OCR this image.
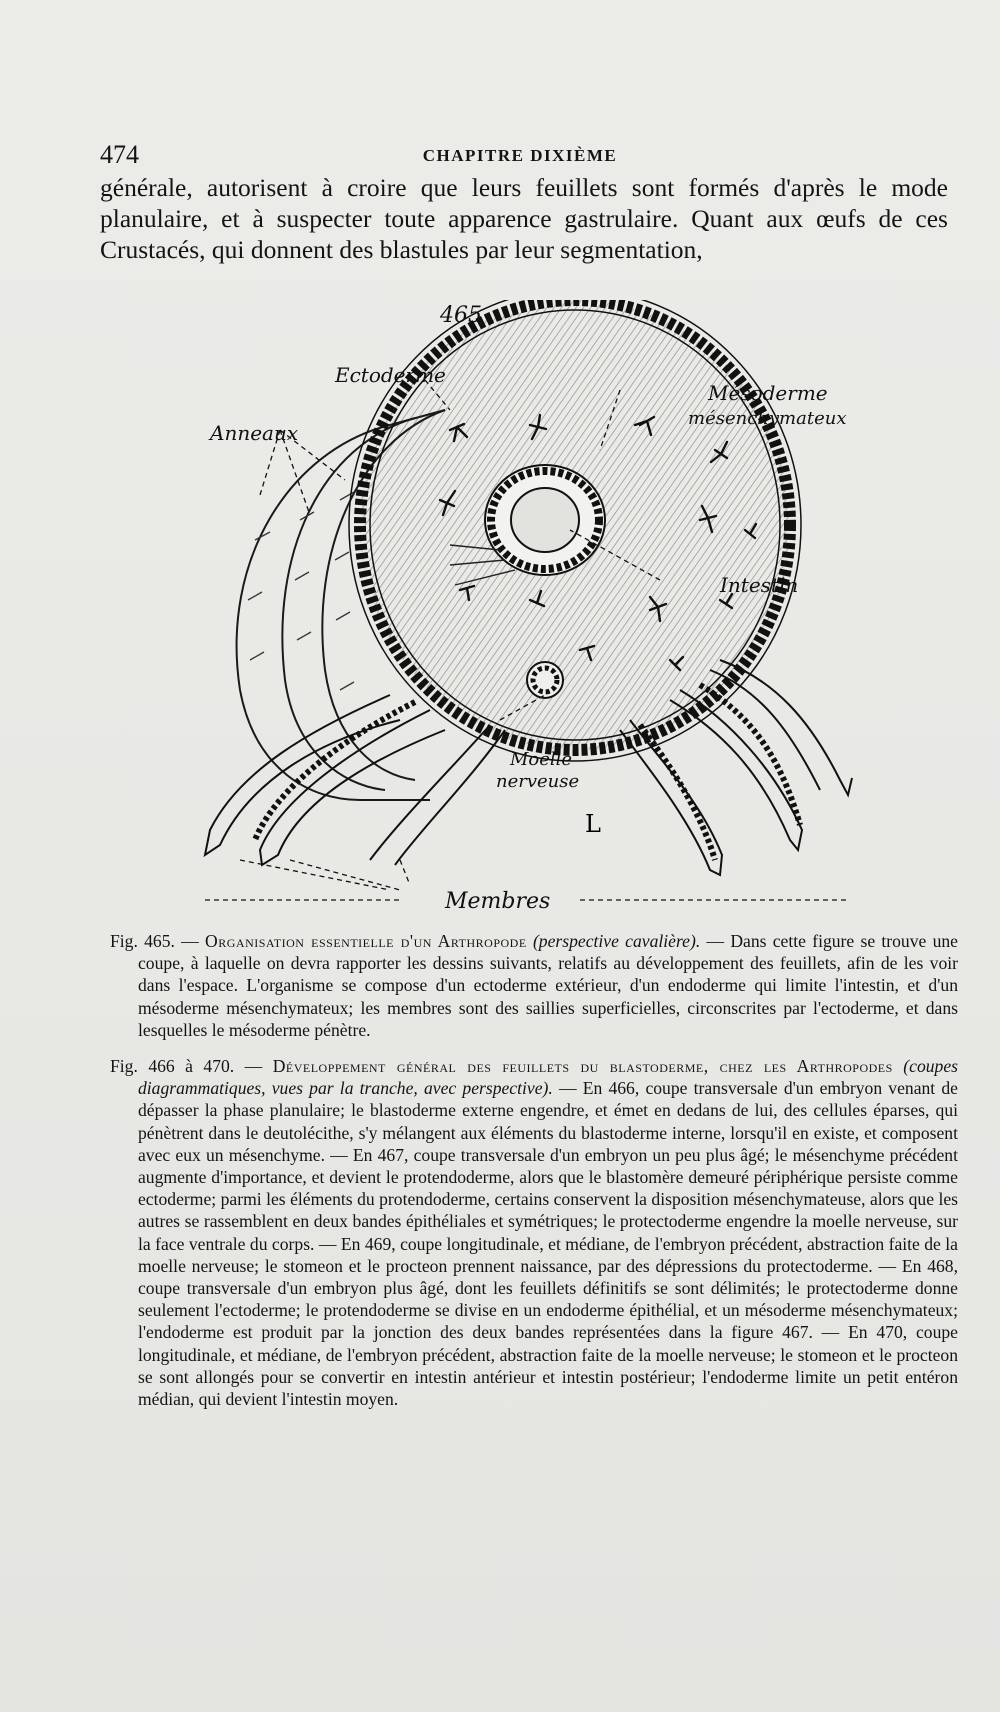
474	CHAPITRE DIXIÈME

générale, autorisent à croire que leurs feuillets sont formés d'après le mode planulaire, et à suspecter toute apparence gastrulaire. Quant aux œufs de ces Crustacés, qui donnent des blastules par leur segmentation,

465
Ectoderme
Anneaux
Mésoderme
mésenchymateux
Intestin
Moelle
nerveuse
Membres
L

Fig. 465. — Organisation essentielle d'un Arthropode (perspective cavalière). — Dans cette figure se trouve une coupe, à laquelle on devra rapporter les dessins suivants, relatifs au développement des feuillets, afin de les voir dans l'espace. L'organisme se compose d'un ectoderme extérieur, d'un endoderme qui limite l'intestin, et d'un mésoderme mésenchymateux; les membres sont des saillies superficielles, circonscrites par l'ectoderme, et dans lesquelles le mésoderme pénètre.

Fig. 466 à 470. — Développement général des feuillets du blastoderme, chez les Arthropodes (coupes diagrammatiques, vues par la tranche, avec perspective). — En 466, coupe transversale d'un embryon venant de dépasser la phase planulaire; le blastoderme externe engendre, et émet en dedans de lui, des cellules éparses, qui pénètrent dans le deutolécithe, s'y mélangent aux éléments du blastoderme interne, lorsqu'il en existe, et composent avec eux un mésenchyme. — En 467, coupe transversale d'un embryon un peu plus âgé; le mésenchyme précédent augmente d'importance, et devient le protendoderme, alors que le blastomère demeuré périphérique persiste comme ectoderme; parmi les éléments du protendoderme, certains conservent la disposition mésenchymateuse, alors que les autres se rassemblent en deux bandes épithéliales et symétriques; le protectoderme engendre la moelle nerveuse, sur la face ventrale du corps. — En 469, coupe longitudinale, et médiane, de l'embryon précédent, abstraction faite de la moelle nerveuse; le stomeon et le procteon prennent naissance, par des dépressions du protectoderme. — En 468, coupe transversale d'un embryon plus âgé, dont les feuillets définitifs se sont délimités; le protectoderme donne seulement l'ectoderme; le protendoderme se divise en un endoderme épithélial, et un mésoderme mésenchymateux; l'endoderme est produit par la jonction des deux bandes représentées dans la figure 467. — En 470, coupe longitudinale, et médiane, de l'embryon précédent, abstraction faite de la moelle nerveuse; le stomeon et le procteon se sont allongés pour se convertir en intestin antérieur et intestin postérieur; l'endoderme limite un petit entéron médian, qui devient l'intestin moyen.
